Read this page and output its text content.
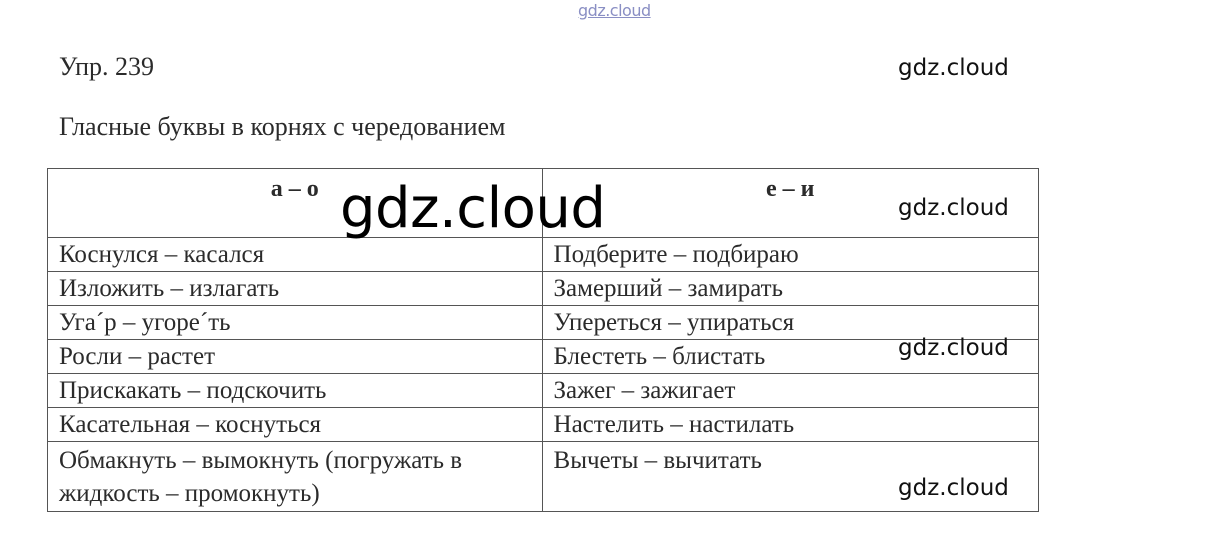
gdz.cloud
Упр. 239
Гласные буквы в корнях с чередованием
а – о	е – и
Коснулся – касался	Подберите – подбираю
Изложить – излагать	Замерший – замирать
Уга´р – угоре´ть	Упереться – упираться
Росли – растет	Блестеть – блистать
Прискакать – подскочить	Зажег – зажигает
Касательная – коснуться	Настелить – настилать
Обмакнуть – вымокнуть (погружать в жидкость – промокнуть)	Вычеты – вычитать
gdz.cloud
gdz.cloud
gdz.cloud
gdz.cloud
gdz.cloud
